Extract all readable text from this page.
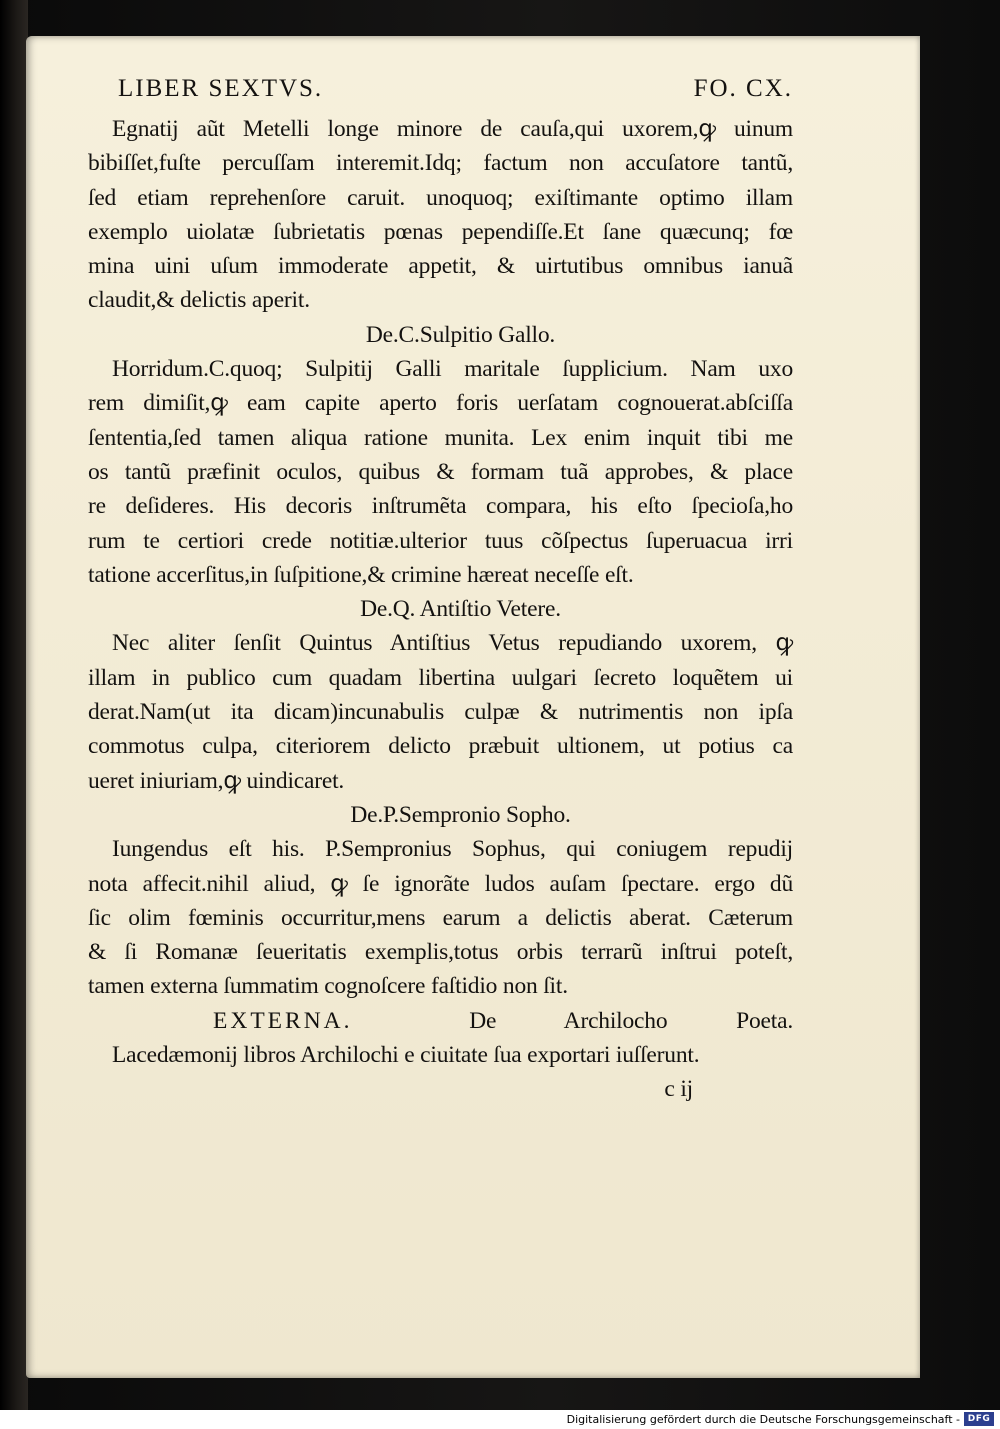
LIBER SEXTVS.	FO. CX.
Egnatij aũt Metelli longe minore de cauſa,qui uxorem,ꝙ uinum
bibiſſet,fuſte percuſſam interemit.Idq; factum non accuſatore tantũ,
ſed etiam reprehenſore caruit. unoquoq; exiſtimante optimo illam
exemplo uiolatæ ſubrietatis pœnas pependiſſe.Et ſane quæcunq; fœ
mina uini uſum immoderate appetit, & uirtutibus omnibus ianuã
claudit,& delictis aperit.
De.C.Sulpitio Gallo.
Horridum.C.quoq; Sulpitij Galli maritale ſupplicium. Nam uxo
rem dimiſit,ꝙ eam capite aperto foris uerſatam cognouerat.abſciſſa
ſententia,ſed tamen aliqua ratione munita. Lex enim inquit tibi me
os tantũ præfinit oculos, quibus & formam tuã approbes, & place
re deſideres. His decoris inſtrumẽta compara, his eſto ſpecioſa,ho
rum te certiori crede notitiæ.ulterior tuus cõſpectus ſuperuacua irri
tatione accerſitus,in ſuſpitione,& crimine hæreat neceſſe eſt.
De.Q. Antiſtio Vetere.
Nec aliter ſenſit Quintus Antiſtius Vetus repudiando uxorem, ꝙ
illam in publico cum quadam libertina uulgari ſecreto loquẽtem ui
derat.Nam(ut ita dicam)incunabulis culpæ & nutrimentis non ipſa
commotus culpa, citeriorem delicto præbuit ultionem, ut potius ca
ueret iniuriam,ꝙ uindicaret.
De.P.Sempronio Sopho.
Iungendus eſt his. P.Sempronius Sophus, qui coniugem repudij
nota affecit.nihil aliud, ꝙ ſe ignorãte ludos auſam ſpectare. ergo dũ
ſic olim fœminis occurritur,mens earum a delictis aberat. Cæterum
& ſi Romanæ ſeueritatis exemplis,totus orbis terrarũ inſtrui poteſt,
tamen externa ſummatim cognoſcere faſtidio non ſit.
EXTERNA.	De Archilocho Poeta.
Lacedæmonij libros Archilochi e ciuitate ſua exportari iuſſerunt.
c ij
Digitalisierung gefördert durch die Deutsche Forschungsgemeinschaft - DFG
